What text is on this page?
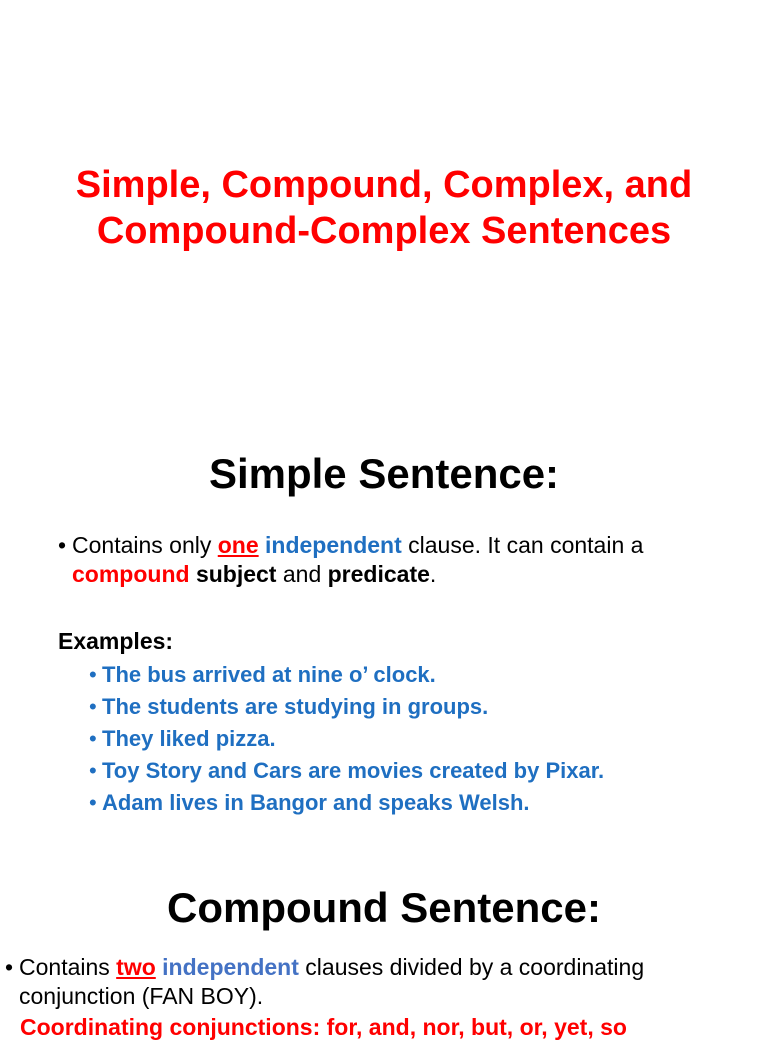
Simple, Compound, Complex, and
Compound-Complex Sentences
Simple Sentence:
• Contains only one independent clause. It can contain a
compound subject and predicate.
Examples:
• The bus arrived at nine o’ clock.
• The students are studying in groups.
• They liked pizza.
• Toy Story and Cars are movies created by Pixar.
• Adam lives in Bangor and speaks Welsh.
Compound Sentence:
• Contains two independent clauses divided by a coordinating
conjunction (FAN BOY).
Coordinating conjunctions: for, and, nor, but, or, yet, so
